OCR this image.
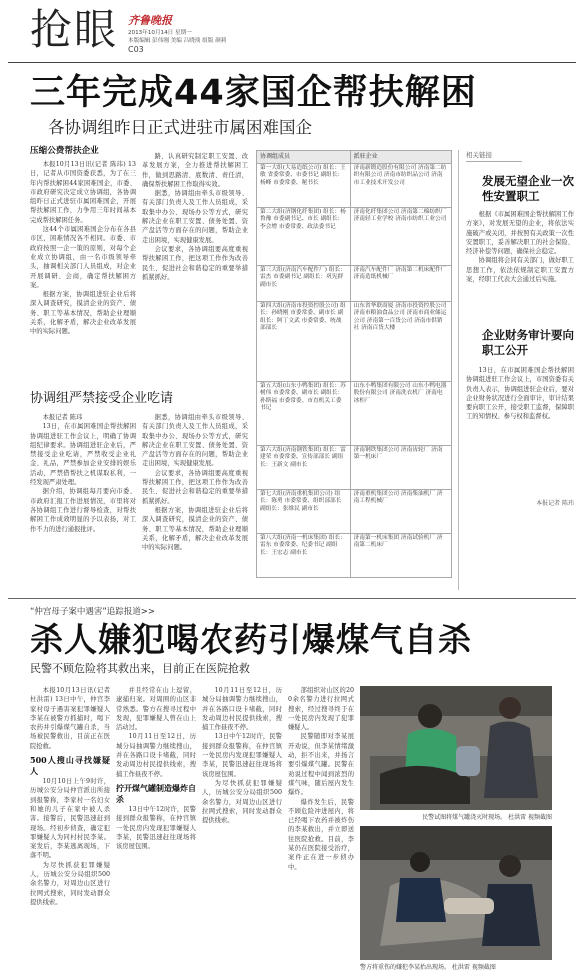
抢眼 齐鲁晚报
2013年10月14日 星期一
本版编辑 彭伟刚 美编 吕晓琰 组版 颜莉
C03
三年完成44家国企帮扶解困
各协调组昨日正式进驻市属困难国企
压缩公费帮扶企业

本报10月13日讯(记者 陈玮) 13日，记者从市国资委获悉，为了在三年内帮扶解困44家困难国企，市委、市政府研究决定成立协调组，各协调组昨日正式进驻市属困难国企，开展帮扶解困工作，力争用三年时间基本完成帮扶解困任务。

这44个市属困难国企分布在各县市区，困难情况各不相同。市委、市政府按照一企一策的原则，对每个企业成立协调组，由一名市级领导牵头，抽调相关部门人员组成，对企业开展调研、会商，确定帮扶解困方案。

根据方案，协调组进驻企业后将深入调查研究，摸清企业的资产、债务、职工等基本情况，帮助企业理顺关系，化解矛盾，解决企业改革发展中的实际问题。

路、认真研究制定职工安置、改革发展方案，全力推进帮扶解困工作，做到思路清、底数清、责任清，确保帮扶解困工作取得实效。

据悉，协调组由牵头市级领导、有关部门负责人及工作人员组成，采取集中办公、现场办公等方式，研究解决企业在职工安置、债务处置、资产盘活等方面存在的问题，帮助企业走出困境，实现健康发展。

会议要求，各协调组要高度重视帮扶解困工作，把这项工作作为改善民生、促进社会和谐稳定的重要举措抓紧抓好。

协调组严禁接受企业吃请

本报记者 陈玮

13日，在市属困难国企帮扶解困协调组进驻工作会议上，明确了协调组纪律要求。协调组进驻企业后，严禁接受企业吃请，严禁收受企业礼金、礼品，严禁参加企业安排的娱乐活动，严禁借帮扶之机谋取私利，一经发现严肃处理。

据介绍，协调组每月要向市委、市政府汇报工作进展情况，市里将对各协调组工作进行督导检查，对帮扶解困工作成效明显的予以表扬，对工作不力的进行通报批评。

据悉，协调组由牵头市级领导、有关部门负责人及工作人员组成，采取集中办公、现场办公等方式，研究解决企业在职工安置、债务处置、资产盘活等方面存在的问题，帮助企业走出困境，实现健康发展。

会议要求，各协调组要高度重视帮扶解困工作，把这项工作作为改善民生、促进社会和谐稳定的重要举措抓紧抓好。

根据方案，协调组进驻企业后将深入调查研究，摸清企业的资产、债务、职工等基本情况，帮助企业理顺关系，化解矛盾，解决企业改革发展中的实际问题。

协调组成员	派驻企业
第一大组(大易造纸公司) 组长：王敏 省委常委、市委书记 副组长：杨峰 市委常委、秘书长	济南新锻造股份有限公司 济南第二纺织有限公司 济南市纺织品公司 济南市工业技术开发公司
第二大组(济钢化纤集团) 组长：杨鲁豫 市委副书记、市长 副组长：李会增 市委常委、政法委书记	济南化纤集团公司 济南第二棉纺织厂 济南轻工业学校 济南市纺织工业公司
第三大组(济南汽车配件厂) 组长：雷杰 市委副书记 副组长：巩宪群 副市长	济南汽车配件厂 济南第二机床配件厂 济南造纸机械厂
第四大组(济南市投资控股公司) 组长：孙晓刚 市委常委、副市长 副组长：阿丁文武 市委常委、统战部部长	山东省华联商厦 济南市投资控股公司 济南市粮油食品公司 济南市商业储运公司 济南第一百货公司 济南市供销社 济南百货大楼
第五大组(山东小鸭集团) 组长：苏树伟 市委常委、副市长 副组长：孙斯福 市委常委、市直机关工委书记	山东小鸭集团有限公司 山东小鸭电器股份有限公司 济南洗衣机厂 济南电冰柜厂
第六大组(济南钢铁集团) 组长：雷建荣 市委常委、宣传部部长 副组长：王新文 副市长	济南钢铁集团公司 济南齿轮厂 济南第一机床厂
第七大组(济南重机集团公司) 组长：陈勇 市委常委、组织部部长 副组长：张维民 副市长	济南重机集团公司 济南柴油机厂 济南工程机械厂
第八大组(济南一机床集团) 组长：雷东 市委常委、纪委书记 副组长：王宏志 副市长	济南第一机床集团 济南试验机厂 济南第二机床厂
相关链接
发展无望企业一次性安置职工

根据《市属困难国企帮扶解困工作方案》，对发展无望的企业，将依法实施破产或关闭，并按照有关政策一次性安置职工，妥善解决职工的社会保险、经济补偿等问题，确保社会稳定。

协调组将会同有关部门，做好职工思想工作，依法依规制定职工安置方案，经职工代表大会通过后实施。

企业财务审计要向职工公开

13日，在市属困难国企帮扶解困协调组进驻工作会议上，市国资委有关负责人表示，协调组进驻企业后，要对企业财务状况进行全面审计，审计结果要向职工公开，接受职工监督，保障职工的知情权、参与权和监督权。

本报记者 陈玮
“仲宫母子案中遇害”追踪报道>>
杀人嫌犯喝农药引爆煤气自杀
民警不顾危险将其救出来，目前正在医院抢救

本报10月13日讯(记者 杜洪雷) 13日中午，仲宫李家村母子遇害案犯罪嫌疑人李某在被警方抓捕时，喝下农药并引爆煤气罐自杀，当场被民警救出，目前正在医院抢救。

500人搜山寻找嫌疑人

10月10日上午9时许，历城公安分局仲宫派出所接到报警称，李家村一名妇女和她的儿子在家中被人杀害。接警后，民警迅速赶到现场。经初步侦查，确定犯罪嫌疑人为同村村民李某。案发后，李某逃离现场，下落不明。

为尽快抓获犯罪嫌疑人，历城公安分局组织500余名警力，对周边山区进行拉网式搜索，同时发动群众提供线索。

并且经常在山上逗留，逮捕归案。对周围的山区非常熟悉。警方在搜寻过程中发现，犯罪嫌疑人曾在山上活动过。

10月11日至12日，历城分局抽调警力继续搜山，并在各路口设卡堵截，同时发动周边村民提供线索，搜捕工作昼夜不停。

拧开煤气罐制造爆炸自杀

13日中午12时许，民警接到群众报警称，在仲宫镇一处民房内发现犯罪嫌疑人李某，民警迅速赶往现场将该房屋包围。

10月11日至12日，历城分局抽调警力继续搜山，并在各路口设卡堵截，同时发动周边村民提供线索，搜捕工作昼夜不停。

13日中午12时许，民警接到群众报警称，在仲宫镇一处民房内发现犯罪嫌疑人李某，民警迅速赶往现场将该房屋包围。

为尽快抓获犯罪嫌疑人，历城公安分局组织500余名警力，对周边山区进行拉网式搜索，同时发动群众提供线索。

部组织对山区的200余名警力进行拉网式搜索，经过搜寻终于在一处民房内发现了犯罪嫌疑人。

民警随即对李某展开劝说，但李某情绪激动，拒不出来，并扬言要引爆煤气罐。民警在劝说过程中闻到浓烈的煤气味，随后屋内发生爆炸。

爆炸发生后，民警不顾危险冲进屋内，将已经喝下农药并被炸伤的李某救出，并立即送往医院抢救。目前，李某仍在医院接受治疗，案件正在进一步侦办中。

民警试图将煤气罐浇灭时现场。 杜洪雷 视频截图
警方将重伤的嫌犯李某抬出现场。 杜洪雷 视频截图
